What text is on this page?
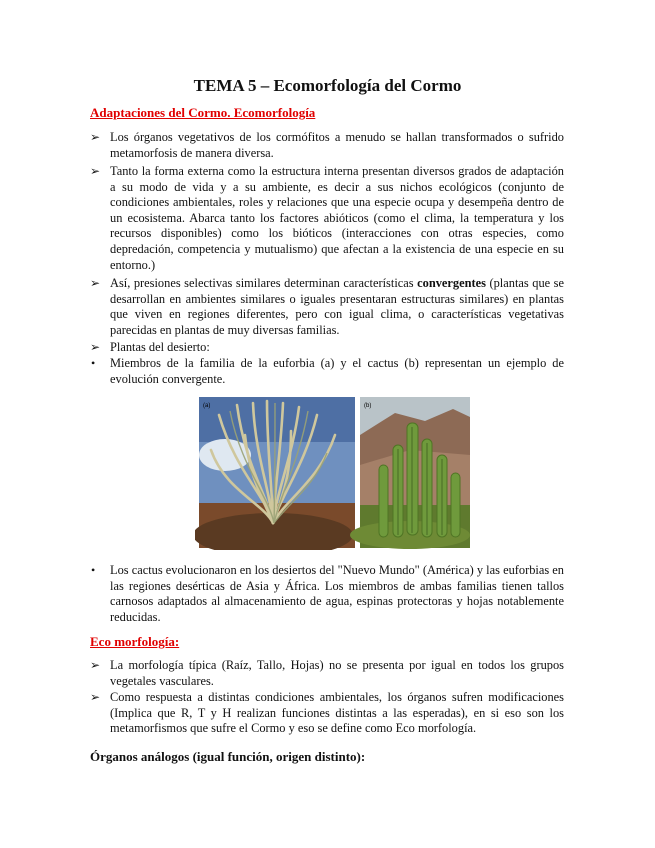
TEMA 5 – Ecomorfología del Cormo
Adaptaciones del Cormo. Ecomorfología
➢ Los órganos vegetativos de los cormófitos a menudo se hallan transformados o sufrido metamorfosis de manera diversa.
➢ Tanto la forma externa como la estructura interna presentan diversos grados de adaptación a su modo de vida y a su ambiente, es decir a sus nichos ecológicos (conjunto de condiciones ambientales, roles y relaciones que una especie ocupa y desempeña dentro de un ecosistema. Abarca tanto los factores abióticos (como el clima, la temperatura y los recursos disponibles) como los bióticos (interacciones con otras especies, como depredación, competencia y mutualismo) que afectan a la existencia de una especie en su entorno.)
➢ Así, presiones selectivas similares determinan características convergentes (plantas que se desarrollan en ambientes similares o iguales presentaran estructuras similares) en plantas que viven en regiones diferentes, pero con igual clima, o características vegetativas parecidas en plantas de muy diversas familias.
➢ Plantas del desierto:
•	Miembros de la familia de la euforbia (a) y el cactus (b) representan un ejemplo de evolución convergente.
(a)	(b)
•	Los cactus evolucionaron en los desiertos del "Nuevo Mundo" (América) y las euforbias en las regiones desérticas de Asia y África. Los miembros de ambas familias tienen tallos carnosos adaptados al almacenamiento de agua, espinas protectoras y hojas notablemente reducidas.
Eco morfología:
➢ La morfología típica (Raíz, Tallo, Hojas) no se presenta por igual en todos los grupos vegetales vasculares.
➢ Como respuesta a distintas condiciones ambientales, los órganos sufren modificaciones (Implica que R, T y H realizan funciones distintas a las esperadas), en si eso son los metamorfismos que sufre el Cormo y eso se define como Eco morfología.
Órganos análogos (igual función, origen distinto):
